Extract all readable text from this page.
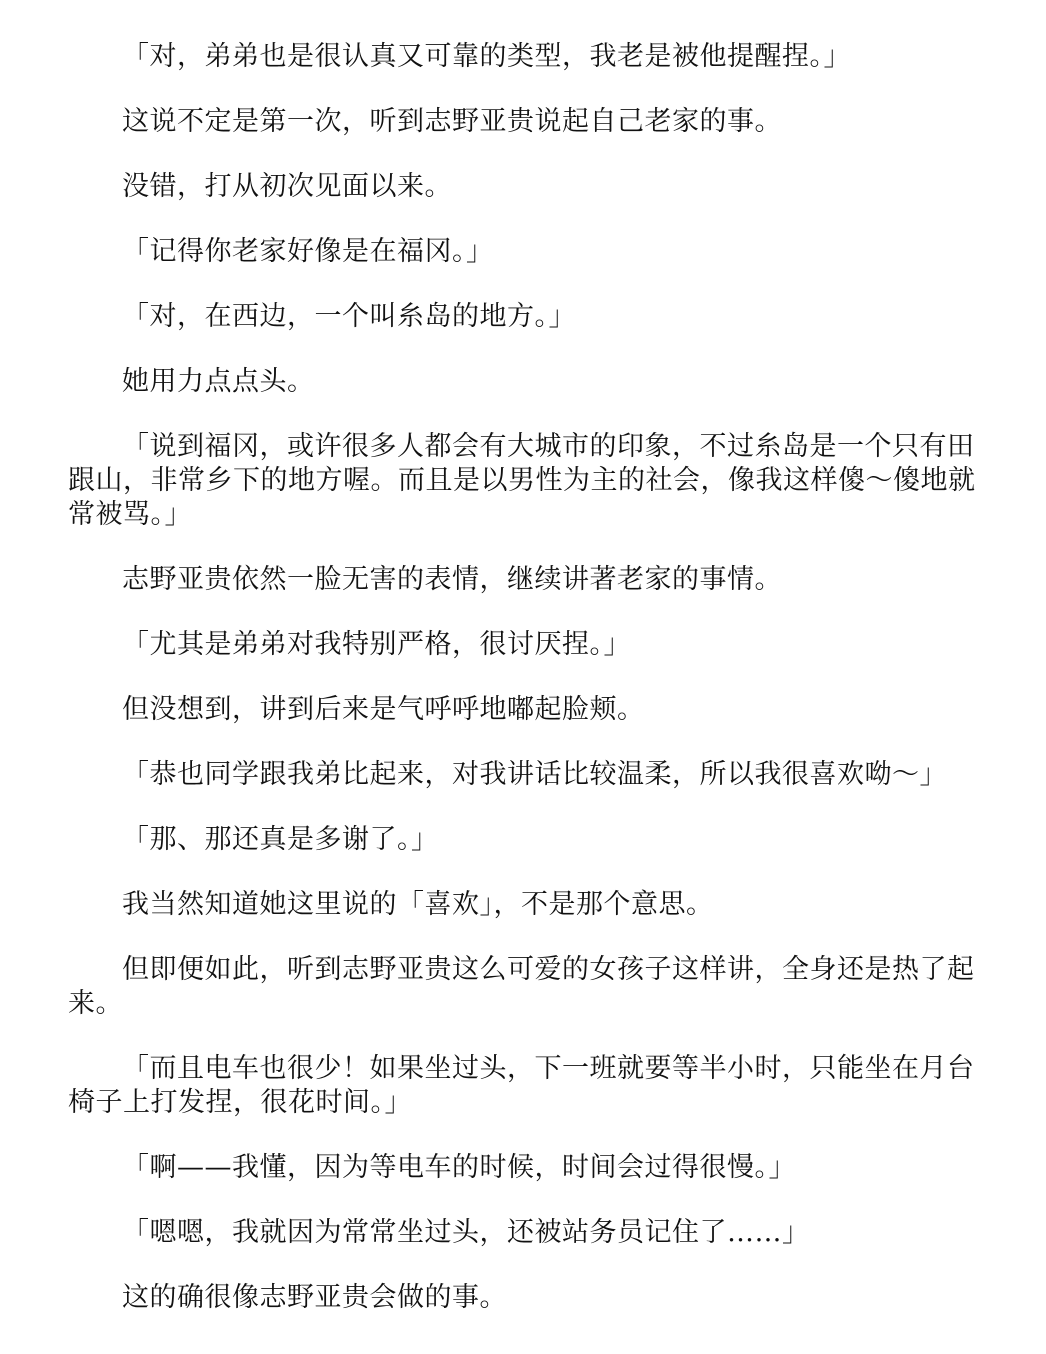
「对，弟弟也是很认真又可靠的类型，我老是被他提醒捏。」

这说不定是第一次，听到志野亚贵说起自己老家的事。

没错，打从初次见面以来。

「记得你老家好像是在福冈。」

「对，在西边，一个叫糸岛的地方。」

她用力点点头。

「说到福冈，或许很多人都会有大城市的印象，不过糸岛是一个只有田跟山，非常乡下的地方喔。而且是以男性为主的社会，像我这样傻～傻地就常被骂。」

志野亚贵依然一脸无害的表情，继续讲著老家的事情。

「尤其是弟弟对我特别严格，很讨厌捏。」

但没想到，讲到后来是气呼呼地嘟起脸颊。

「恭也同学跟我弟比起来，对我讲话比较温柔，所以我很喜欢呦～」

「那、那还真是多谢了。」

我当然知道她这里说的「喜欢」，不是那个意思。

但即便如此，听到志野亚贵这么可爱的女孩子这样讲，全身还是热了起来。

「而且电车也很少！如果坐过头，下一班就要等半小时，只能坐在月台椅子上打发捏，很花时间。」

「啊——我懂，因为等电车的时候，时间会过得很慢。」

「嗯嗯，我就因为常常坐过头，还被站务员记住了……」

这的确很像志野亚贵会做的事。
